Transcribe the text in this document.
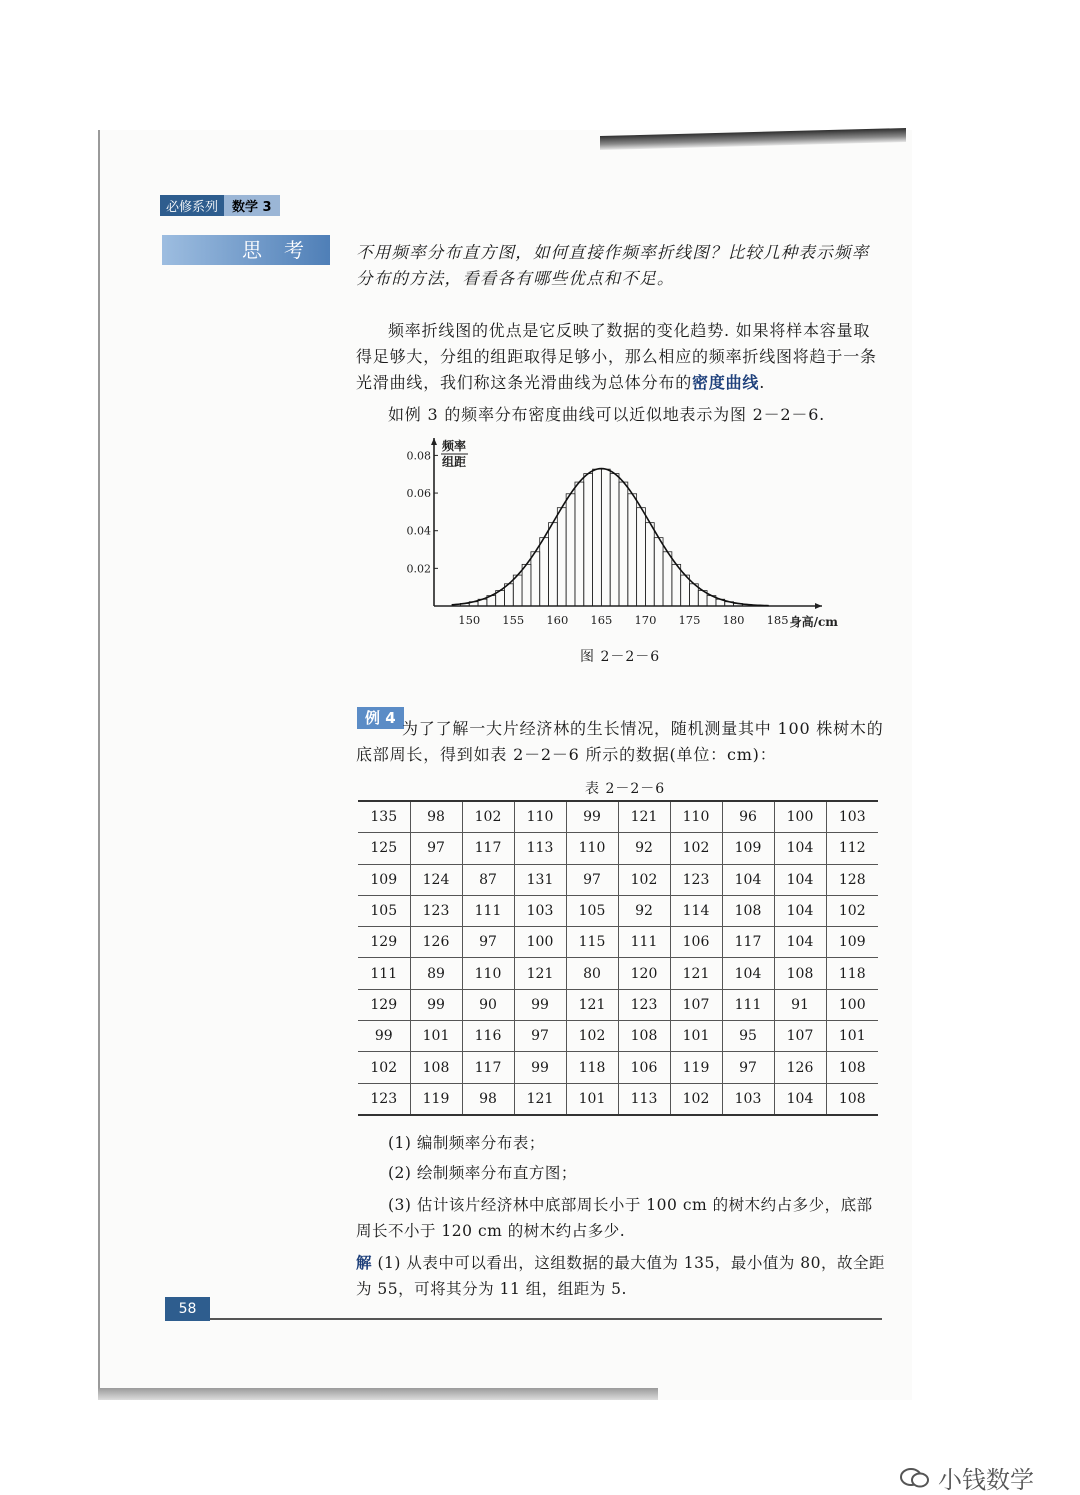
必修系列	数学 3
思考 不用频率分布直方图，如何直接作频率折线图？比较几种表示频率分布的方法，看看各有哪些优点和不足。
频率折线图的优点是它反映了数据的变化趋势. 如果将样本容量取得足够大，分组的组距取得足够小，那么相应的频率折线图将趋于一条光滑曲线，我们称这条光滑曲线为总体分布的密度曲线.
如例 3 的频率分布密度曲线可以近似地表示为图 2－2－6.
频率
组距
0.02
0.04
0.06
0.08
150 155 160 165 170 175 180 185 身高/cm
图 2－2－6
例 4
为了了解一大片经济林的生长情况，随机测量其中 100 株树木的底部周长，得到如表 2－2－6 所示的数据(单位：cm)：
表 2－2－6
135	98	102	110	99	121	110	96	100	103
125	97	117	113	110	92	102	109	104	112
109	124	87	131	97	102	123	104	104	128
105	123	111	103	105	92	114	108	104	102
129	126	97	100	115	111	106	117	104	109
111	89	110	121	80	120	121	104	108	118
129	99	90	99	121	123	107	111	91	100
99	101	116	97	102	108	101	95	107	101
102	108	117	99	118	106	119	97	126	108
123	119	98	121	101	113	102	103	104	108
(1) 编制频率分布表；
(2) 绘制频率分布直方图；
(3) 估计该片经济林中底部周长小于 100 cm 的树木约占多少，底部周长不小于 120 cm 的树木约占多少.
解 (1) 从表中可以看出，这组数据的最大值为 135，最小值为 80，故全距为 55，可将其分为 11 组，组距为 5.
58
小钱数学
